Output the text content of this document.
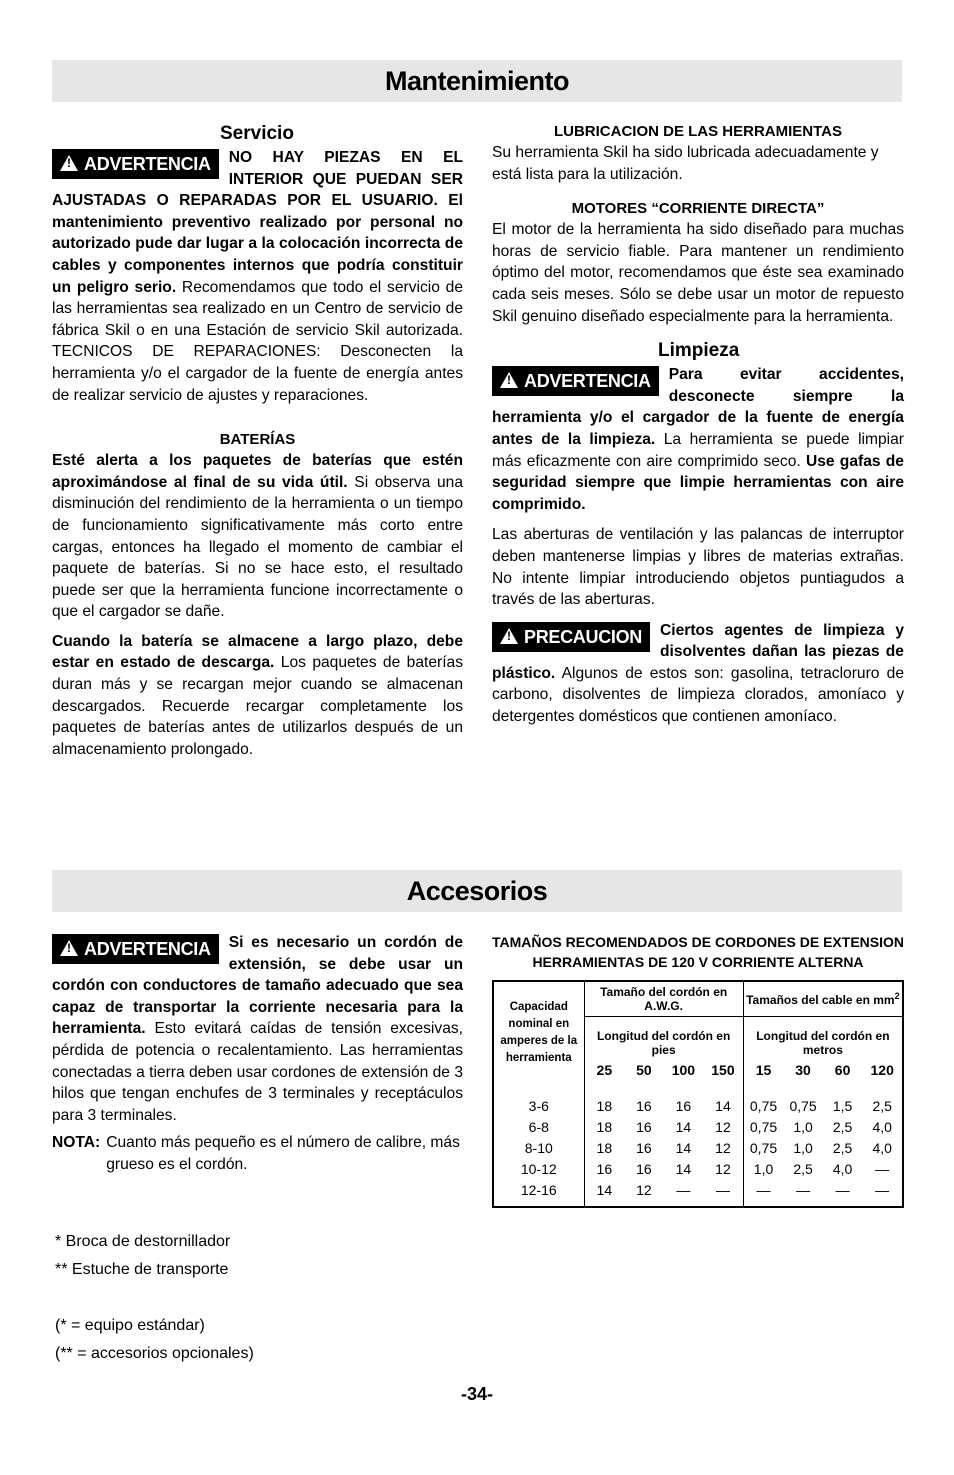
Mantenimiento

Servicio

!ADVERTENCIA	NO HAY PIEZAS EN EL INTERIOR QUE PUEDAN SER AJUSTADAS O REPARADAS POR EL USUARIO. El mantenimiento preventivo realizado por personal no autorizado pude dar lugar a la colocación incorrecta de cables y componentes internos que podría constituir un peligro serio. Recomendamos que todo el servicio de las herramientas sea realizado en un Centro de servicio de fábrica Skil o en una Estación de servicio Skil autorizada. TECNICOS DE REPARACIONES: Desconecten la herramienta y/o el cargador de la fuente de energía antes de realizar servicio de ajustes y reparaciones.

BATERÍAS

Esté alerta a los paquetes de baterías que estén aproximándose al final de su vida útil. Si observa una disminución del rendimiento de la herramienta o un tiempo de funcionamiento significativamente más corto entre cargas, entonces ha llegado el momento de cambiar el paquete de baterías. Si no se hace esto, el resultado puede ser que la herramienta funcione incorrectamente o que el cargador se dañe.

Cuando la batería se almacene a largo plazo, debe estar en estado de descarga. Los paquetes de baterías duran más y se recargan mejor cuando se almacenan descargados. Recuerde recargar completamente los paquetes de baterías antes de utilizarlos después de un almacenamiento prolongado.

LUBRICACION DE LAS HERRAMIENTAS

Su herramienta Skil ha sido lubricada adecuadamente y está lista para la utilización.

MOTORES “CORRIENTE DIRECTA”

El motor de la herramienta ha sido diseñado para muchas horas de servicio fiable. Para mantener un rendimiento óptimo del motor, recomendamos que éste sea examinado cada seis meses. Sólo se debe usar un motor de repuesto Skil genuino diseñado especialmente para la herramienta.

Limpieza

!ADVERTENCIA	Para evitar accidentes, desconecte siempre la herramienta y/o el cargador de la fuente de energía antes de la limpieza. La herramienta se puede limpiar más eficazmente con aire comprimido seco. Use gafas de seguridad siempre que limpie herramientas con aire comprimido.

Las aberturas de ventilación y las palancas de interruptor deben mantenerse limpias y libres de materias extrañas. No intente limpiar introduciendo objetos puntiagudos a través de las aberturas.

!PRECAUCION	Ciertos agentes de limpieza y disolventes dañan las piezas de plástico. Algunos de estos son: gasolina, tetracloruro de carbono, disolventes de limpieza clorados, amoníaco y detergentes domésticos que contienen amoníaco.

Accesorios

!ADVERTENCIA	Si es necesario un cordón de extensión, se debe usar un cordón con conductores de tamaño adecuado que sea capaz de transportar la corriente necesaria para la herramienta. Esto evitará caídas de tensión excesivas, pérdida de potencia o recalentamiento. Las herramientas conectadas a tierra deben usar cordones de extensión de 3 hilos que tengan enchufes de 3 terminales y receptáculos para 3 terminales.

NOTA: Cuanto más pequeño es el número de calibre, más grueso es el cordón.
TAMAÑOS RECOMENDADOS DE CORDONES DE EXTENSION
HERRAMIENTAS DE 120 V CORRIENTE ALTERNA
Capacidad nominal en amperes de la herramienta	Tamaño del cordón en A.W.G.				Tamaños del cable en $mm^2$
	Longitud del cordón en pies				Longitud del cordón en metros			
	25	50	100	150	15	30	60	120
3-6	18	16	16	14	0,75	0,75	1,5	2,5
6-8	18	16	14	12	0,75	1,0	2,5	4,0
8-10	18	16	14	12	0,75	1,0	2,5	4,0
10-12	16	16	14	12	1,0	2,5	4,0	—
12-16	14	12	—	—	—	—	—	—
* Broca de destornillador
** Estuche de transporte
(* = equipo estándar)
(** = accesorios opcionales)
-34-
